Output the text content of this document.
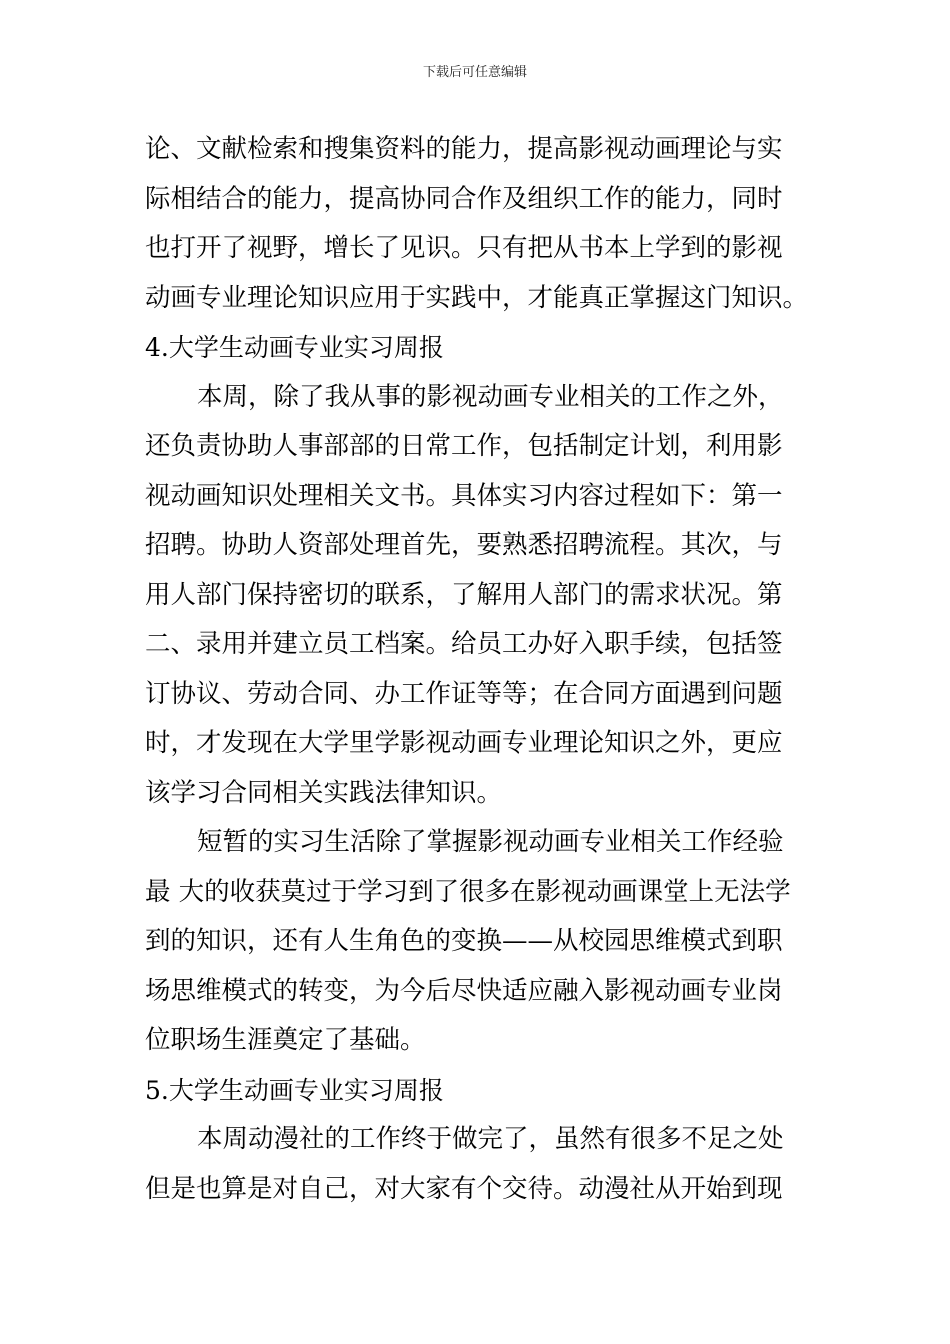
下载后可任意编辑
论、文献检索和搜集资料的能力，提高影视动画理论与实
际相结合的能力，提高协同合作及组织工作的能力，同时
也打开了视野，增长了见识。只有把从书本上学到的影视
动画专业理论知识应用于实践中，才能真正掌握这门知识。
4.大学生动画专业实习周报
本周，除了我从事的影视动画专业相关的工作之外，
还负责协助人事部部的日常工作，包括制定计划，利用影
视动画知识处理相关文书。具体实习内容过程如下：第一
招聘。协助人资部处理首先，要熟悉招聘流程。其次，与
用人部门保持密切的联系，了解用人部门的需求状况。第
二、录用并建立员工档案。给员工办好入职手续，包括签
订协议、劳动合同、办工作证等等；在合同方面遇到问题
时，才发现在大学里学影视动画专业理论知识之外，更应
该学习合同相关实践法律知识。
短暂的实习生活除了掌握影视动画专业相关工作经验
最 大的收获莫过于学习到了很多在影视动画课堂上无法学
到的知识，还有人生角色的变换——从校园思维模式到职
场思维模式的转变，为今后尽快适应融入影视动画专业岗
位职场生涯奠定了基础。
5.大学生动画专业实习周报
本周动漫社的工作终于做完了，虽然有很多不足之处
但是也算是对自己，对大家有个交待。动漫社从开始到现
